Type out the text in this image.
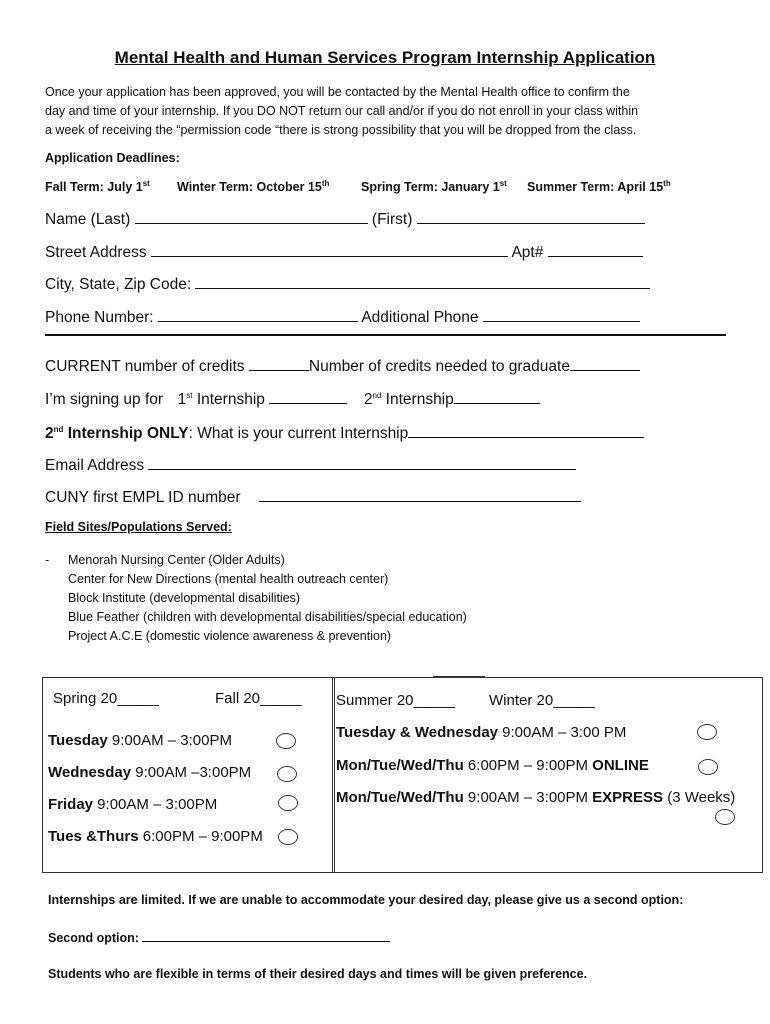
Mental Health and Human Services Program Internship Application
Once your application has been approved, you will be contacted by the Mental Health office to confirm the
day and time of your internship. If you DO NOT return our call and/or if you do not enroll in your class within
a week of receiving the “permission code “there is strong possibility that you will be dropped from the class.
Application Deadlines:
Fall Term: July 1st Winter Term: October 15th	Spring Term: January 1st Summer Term: April 15th
Name (Last)	(First)
Street Address	Apt#
City, State, Zip Code:
Phone Number:	Additional Phone
CURRENT number of credits	Number of credits needed to graduate
I’m signing up for 1st Internship	2nd Internship
2nd Internship ONLY: What is your current Internship
Email Address
CUNY first EMPL ID number
Field Sites/Populations Served:
- Menorah Nursing Center (Older Adults)
Center for New Directions (mental health outreach center)
Block Institute (developmental disabilities)
Blue Feather (children with developmental disabilities/special education)
Project A.C.E (domestic violence awareness & prevention)
Spring 20_____	Fall 20_____
Tuesday 9:00AM – 3:00PM
Wednesday 9:00AM –3:00PM
Friday 9:00AM – 3:00PM
Tues &Thurs 6:00PM – 9:00PM
Summer 20_____ Winter 20_____
Tuesday & Wednesday 9:00AM – 3:00 PM
Mon/Tue/Wed/Thu 6:00PM – 9:00PM ONLINE
Mon/Tue/Wed/Thu 9:00AM – 3:00PM EXPRESS (3 Weeks)
Internships are limited. If we are unable to accommodate your desired day, please give us a second option:
Second option:
Students who are flexible in terms of their desired days and times will be given preference.
